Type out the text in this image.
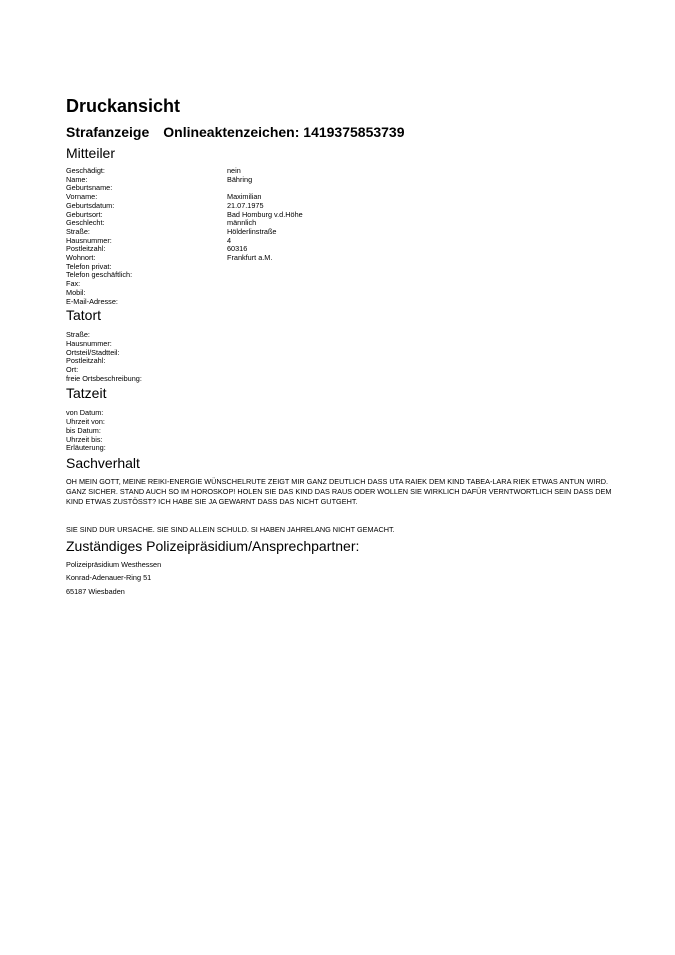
Druckansicht
Strafanzeige Onlineaktenzeichen: 1419375853739
Mitteiler
Geschädigt:	nein
Name:	Bähring
Geburtsname:
Vorname:	Maximilian
Geburtsdatum:	21.07.1975
Geburtsort:	Bad Homburg v.d.Höhe
Geschlecht:	männlich
Straße:	Hölderlinstraße
Hausnummer:	4
Postleitzahl:	60316
Wohnort:	Frankfurt a.M.
Telefon privat:
Telefon geschäftlich:
Fax:
Mobil:
E-Mail-Adresse:
Tatort
Straße:
Hausnummer:
Ortsteil/Stadtteil:
Postleitzahl:
Ort:
freie Ortsbeschreibung:
Tatzeit
von Datum:
Uhrzeit von:
bis Datum:
Uhrzeit bis:
Erläuterung:
Sachverhalt

OH MEIN GOTT, MEINE REIKI-ENERGIE WÜNSCHELRUTE ZEIGT MIR GANZ DEUTLICH DASS UTA RAIEK DEM KIND TABEA-LARA RIEK ETWAS ANTUN WIRD. GANZ SICHER. STAND AUCH SO IM HOROSKOP! HOLEN SIE DAS KIND DAS RAUS ODER WOLLEN SIE WIRKLICH DAFÜR VERNTWORTLICH SEIN DASS DEM KIND ETWAS ZUSTÖSST? ICH HABE SIE JA GEWARNT DASS DAS NICHT GUTGEHT.

SIE SIND DUR URSACHE. SIE SIND ALLEIN SCHULD. SI HABEN JAHRELANG NICHT GEMACHT.

Zuständiges Polizeipräsidium/Ansprechpartner:
Polizeipräsidium Westhessen
Konrad-Adenauer-Ring 51
65187 Wiesbaden
